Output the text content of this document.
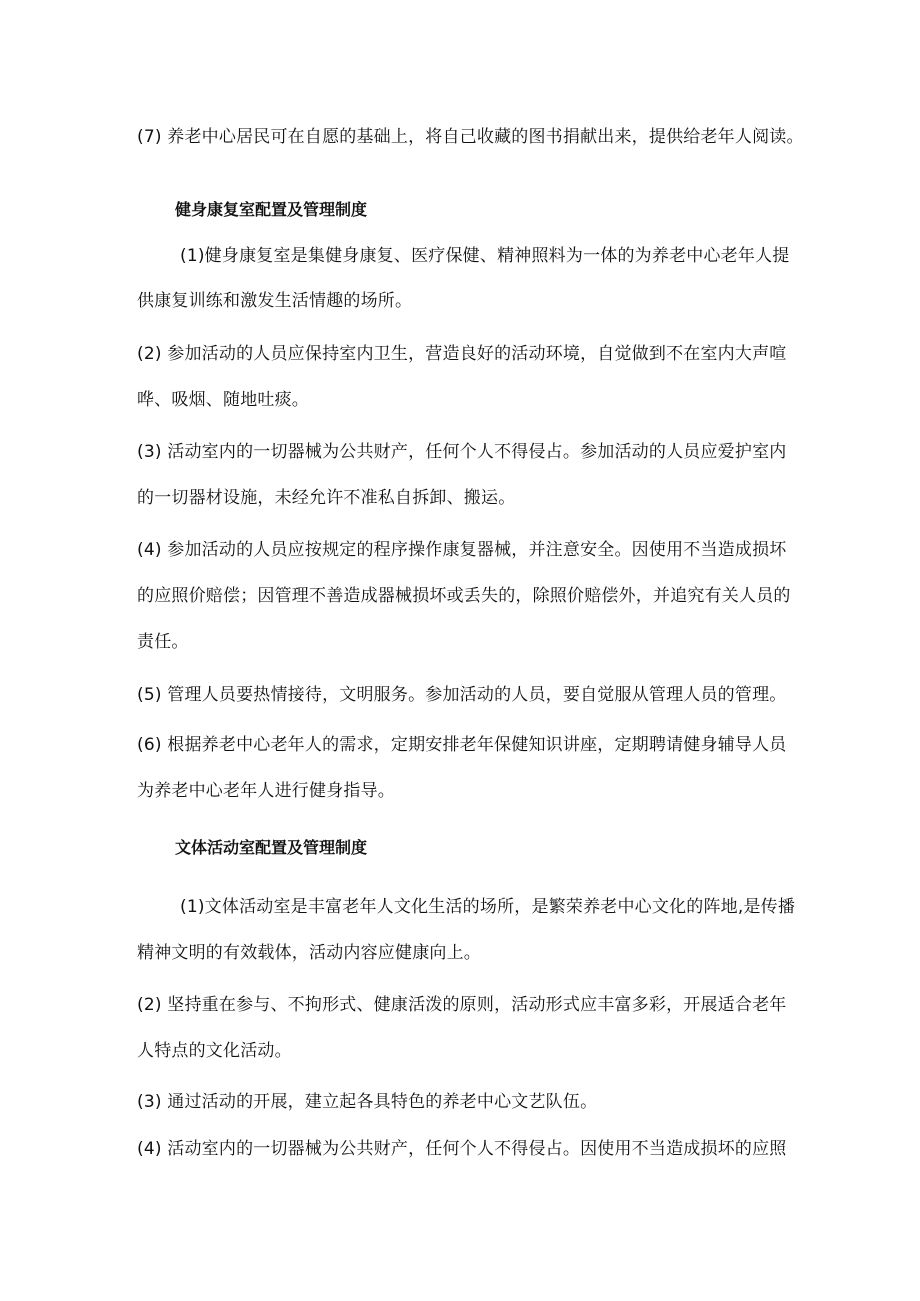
(7) 养老中心居民可在自愿的基础上，将自己收藏的图书捐献出来，提供给老年人阅读。
健身康复室配置及管理制度
(1)健身康复室是集健身康复、医疗保健、精神照料为一体的为养老中心老年人提
供康复训练和激发生活情趣的场所。
(2) 参加活动的人员应保持室内卫生，营造良好的活动环境，自觉做到不在室内大声喧
哗、吸烟、随地吐痰。
(3) 活动室内的一切器械为公共财产，任何个人不得侵占。参加活动的人员应爱护室内
的一切器材设施，未经允许不准私自拆卸、搬运。
(4) 参加活动的人员应按规定的程序操作康复器械，并注意安全。因使用不当造成损坏
的应照价赔偿；因管理不善造成器械损坏或丢失的，除照价赔偿外，并追究有关人员的
责任。
(5) 管理人员要热情接待，文明服务。参加活动的人员，要自觉服从管理人员的管理。
(6) 根据养老中心老年人的需求，定期安排老年保健知识讲座，定期聘请健身辅导人员
为养老中心老年人进行健身指导。
文体活动室配置及管理制度
(1)文体活动室是丰富老年人文化生活的场所，是繁荣养老中心文化的阵地,是传播
精神文明的有效载体，活动内容应健康向上。
(2) 坚持重在参与、不拘形式、健康活泼的原则，活动形式应丰富多彩，开展适合老年
人特点的文化活动。
(3) 通过活动的开展，建立起各具特色的养老中心文艺队伍。
(4) 活动室内的一切器械为公共财产，任何个人不得侵占。因使用不当造成损坏的应照
